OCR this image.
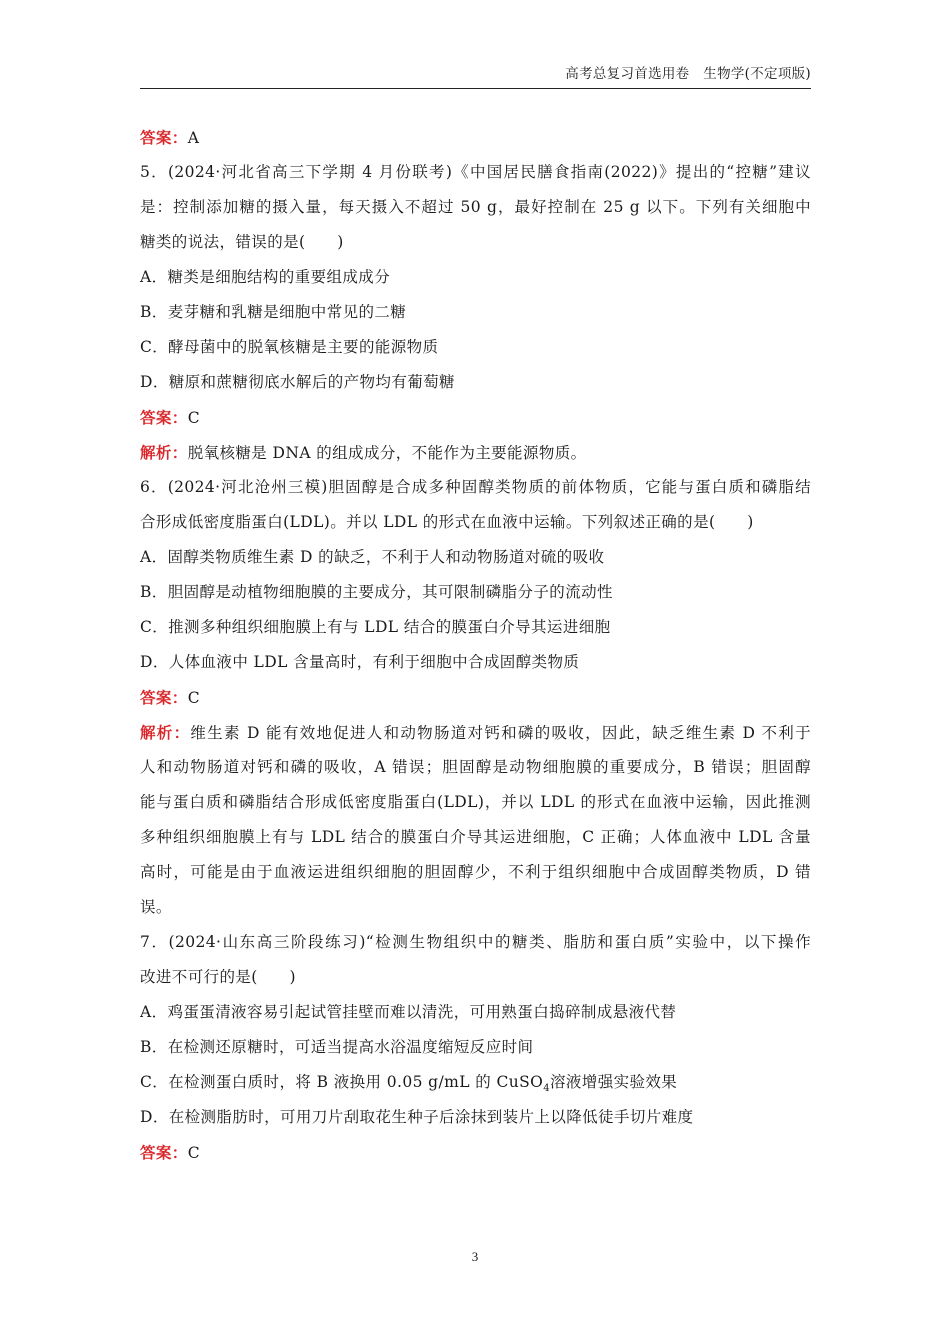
高考总复习首选用卷　生物学(不定项版)
答案：A
5．(2024·河北省高三下学期 4 月份联考)《中国居民膳食指南(2022)》提出的“控糖”建议
是：控制添加糖的摄入量，每天摄入不超过 50 g，最好控制在 25 g 以下。下列有关细胞中
糖类的说法，错误的是(　　)
A．糖类是细胞结构的重要组成成分
B．麦芽糖和乳糖是细胞中常见的二糖
C．酵母菌中的脱氧核糖是主要的能源物质
D．糖原和蔗糖彻底水解后的产物均有葡萄糖
答案：C
解析：脱氧核糖是 DNA 的组成成分，不能作为主要能源物质。
6．(2024·河北沧州三模)胆固醇是合成多种固醇类物质的前体物质，它能与蛋白质和磷脂结
合形成低密度脂蛋白(LDL)。并以 LDL 的形式在血液中运输。下列叙述正确的是(　　)
A．固醇类物质维生素 D 的缺乏，不利于人和动物肠道对硫的吸收
B．胆固醇是动植物细胞膜的主要成分，其可限制磷脂分子的流动性
C．推测多种组织细胞膜上有与 LDL 结合的膜蛋白介导其运进细胞
D．人体血液中 LDL 含量高时，有利于细胞中合成固醇类物质
答案：C
解析：维生素 D 能有效地促进人和动物肠道对钙和磷的吸收，因此，缺乏维生素 D 不利于
人和动物肠道对钙和磷的吸收，A 错误；胆固醇是动物细胞膜的重要成分，B 错误；胆固醇
能与蛋白质和磷脂结合形成低密度脂蛋白(LDL)，并以 LDL 的形式在血液中运输，因此推测
多种组织细胞膜上有与 LDL 结合的膜蛋白介导其运进细胞，C 正确；人体血液中 LDL 含量
高时，可能是由于血液运进组织细胞的胆固醇少，不利于组织细胞中合成固醇类物质，D 错
误。
7．(2024·山东高三阶段练习)“检测生物组织中的糖类、脂肪和蛋白质”实验中，以下操作
改进不可行的是(　　)
A．鸡蛋蛋清液容易引起试管挂壁而难以清洗，可用熟蛋白捣碎制成悬液代替
B．在检测还原糖时，可适当提高水浴温度缩短反应时间
C．在检测蛋白质时，将 B 液换用 0.05 g/mL 的 CuSO$_4$溶液增强实验效果
D．在检测脂肪时，可用刀片刮取花生种子后涂抹到装片上以降低徒手切片难度
答案：C
3
